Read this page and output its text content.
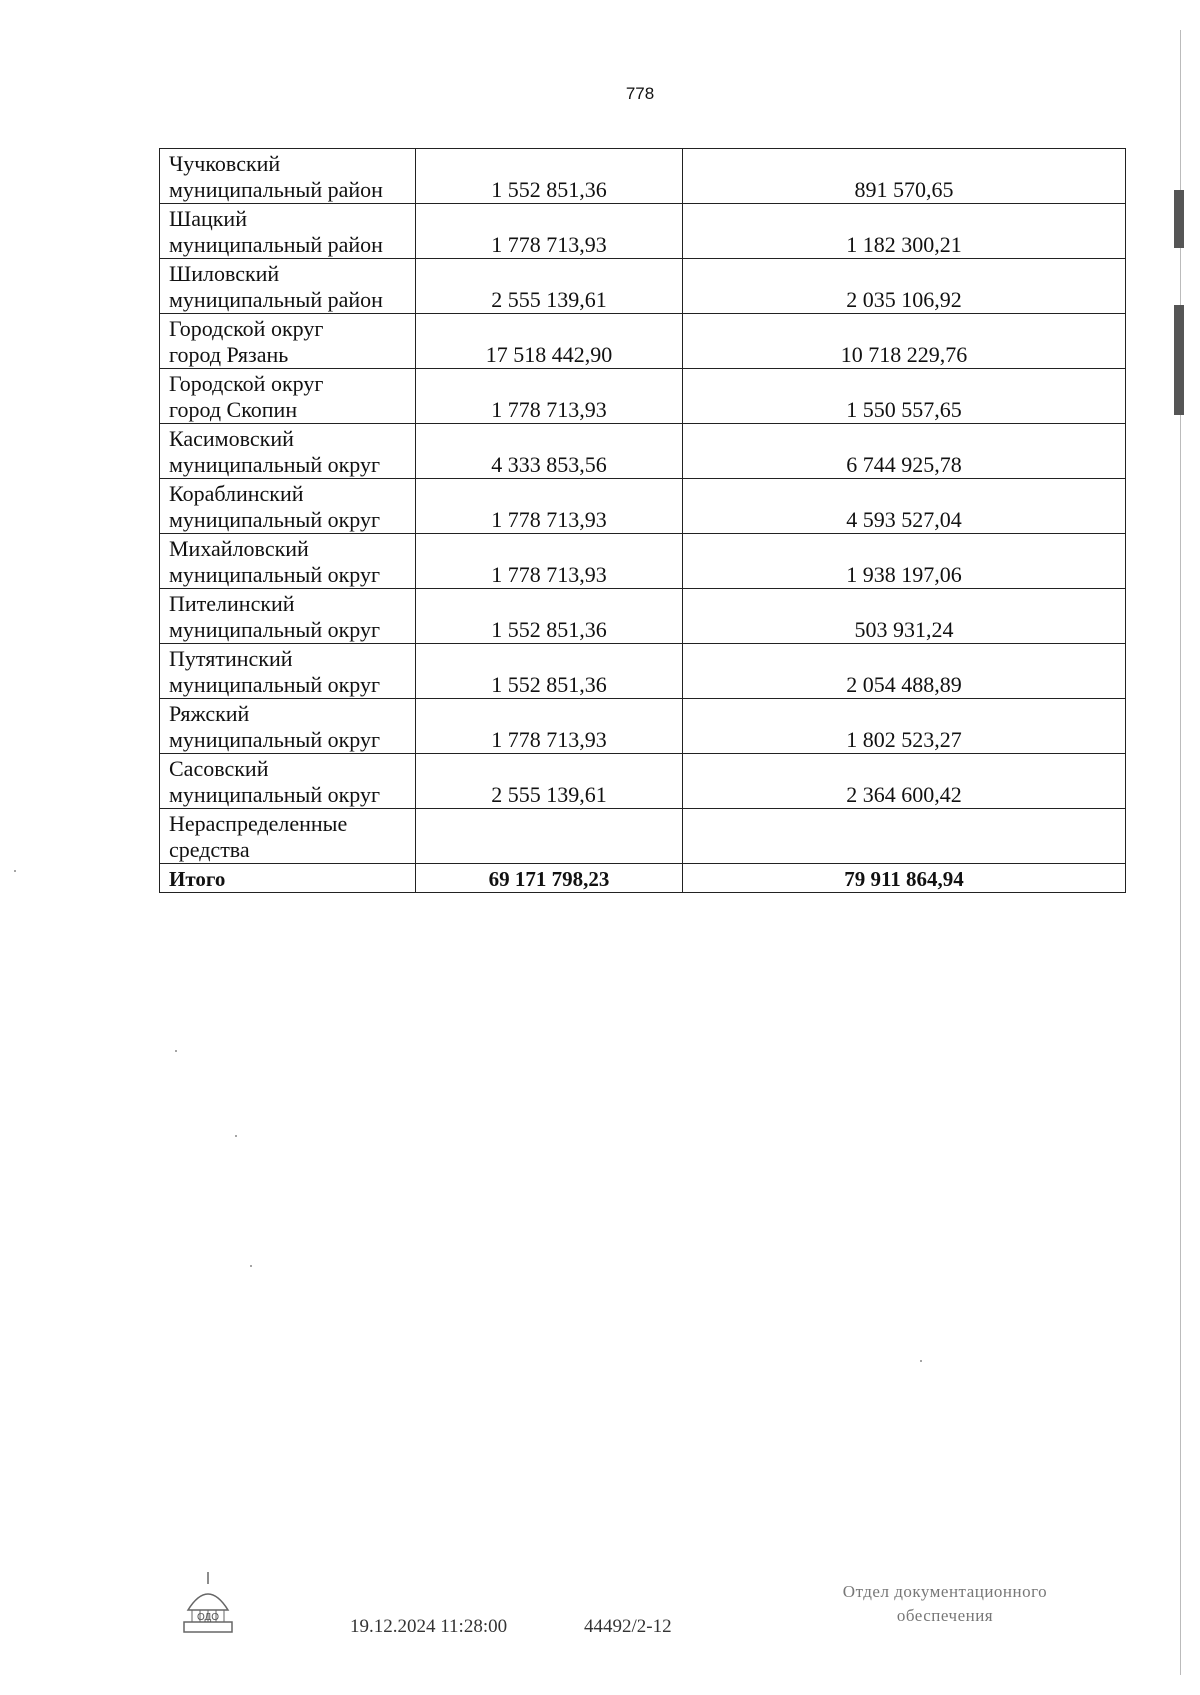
778
Чучковский
муниципальный район	1 552 851,36	891 570,65

Шацкий
муниципальный район	1 778 713,93	1 182 300,21

Шиловский
муниципальный район	2 555 139,61	2 035 106,92

Городской округ
город Рязань	17 518 442,90	10 718 229,76

Городской округ
город Скопин	1 778 713,93	1 550 557,65

Касимовский
муниципальный округ	4 333 853,56	6 744 925,78

Кораблинский
муниципальный округ	1 778 713,93	4 593 527,04

Михайловский
муниципальный округ	1 778 713,93	1 938 197,06

Пителинский
муниципальный округ	1 552 851,36	503 931,24

Путятинский
муниципальный округ	1 552 851,36	2 054 488,89

Ряжский
муниципальный округ	1 778 713,93	1 802 523,27

Сасовский
муниципальный округ	2 555 139,61	2 364 600,42

Нераспределенные
средства		

Итого	69 171 798,23	79 911 864,94
ОДО	19.12.2024 11:28:00	44492/2-12
Отдел документационного
обеспечения
